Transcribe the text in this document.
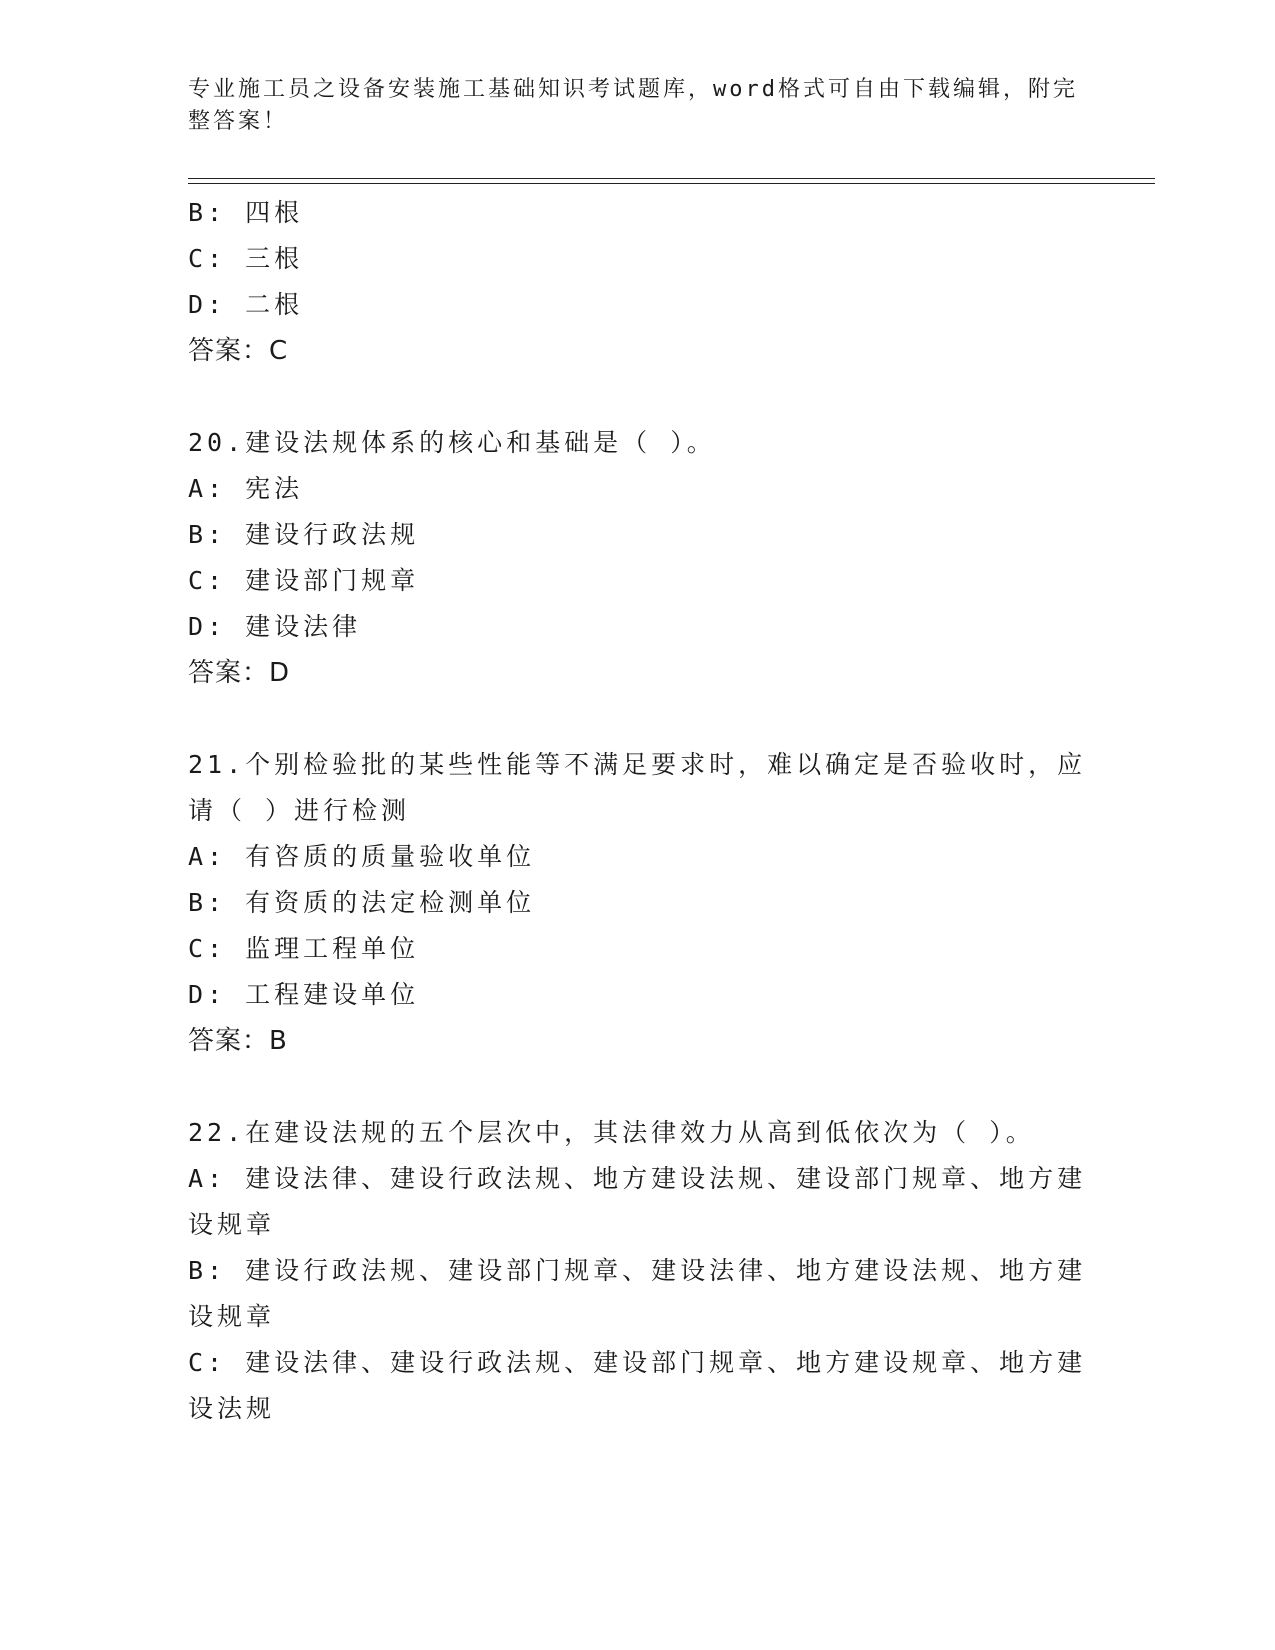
专业施工员之设备安装施工基础知识考试题库，word格式可自由下载编辑，附完整答案！

B: 四根

C: 三根

D: 二根

答案：C

20.建设法规体系的核心和基础是（ ）。

A: 宪法

B: 建设行政法规

C: 建设部门规章

D: 建设法律

答案：D

21.个别检验批的某些性能等不满足要求时，难以确定是否验收时，应

请（ ）进行检测

A: 有咨质的质量验收单位

B: 有资质的法定检测单位

C: 监理工程单位

D: 工程建设单位

答案：B

22.在建设法规的五个层次中，其法律效力从高到低依次为（ ）。

A: 建设法律、建设行政法规、地方建设法规、建设部门规章、地方建

设规章

B: 建设行政法规、建设部门规章、建设法律、地方建设法规、地方建

设规章

C: 建设法律、建设行政法规、建设部门规章、地方建设规章、地方建

设法规
